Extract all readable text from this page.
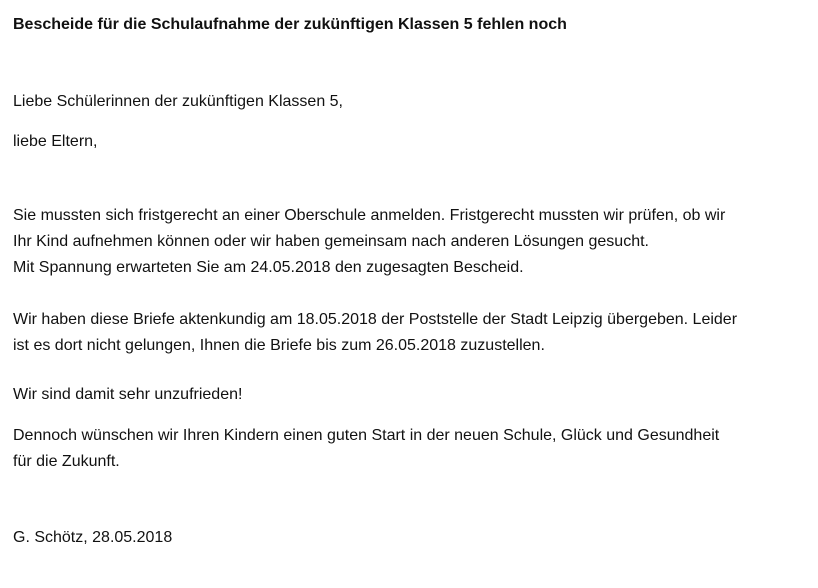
Bescheide für die Schulaufnahme der zukünftigen Klassen 5 fehlen noch
Liebe Schülerinnen der zukünftigen Klassen 5,
liebe Eltern,
Sie mussten sich fristgerecht an einer Oberschule anmelden. Fristgerecht mussten wir prüfen, ob wir
Ihr Kind aufnehmen können oder wir haben gemeinsam nach anderen Lösungen gesucht.
Mit Spannung erwarteten Sie am 24.05.2018 den zugesagten Bescheid.
Wir haben diese Briefe aktenkundig am 18.05.2018 der Poststelle der Stadt Leipzig übergeben. Leider
ist es dort nicht gelungen, Ihnen die Briefe bis zum 26.05.2018 zuzustellen.
Wir sind damit sehr unzufrieden!
Dennoch wünschen wir Ihren Kindern einen guten Start in der neuen Schule, Glück und Gesundheit
für die Zukunft.
G. Schötz, 28.05.2018
